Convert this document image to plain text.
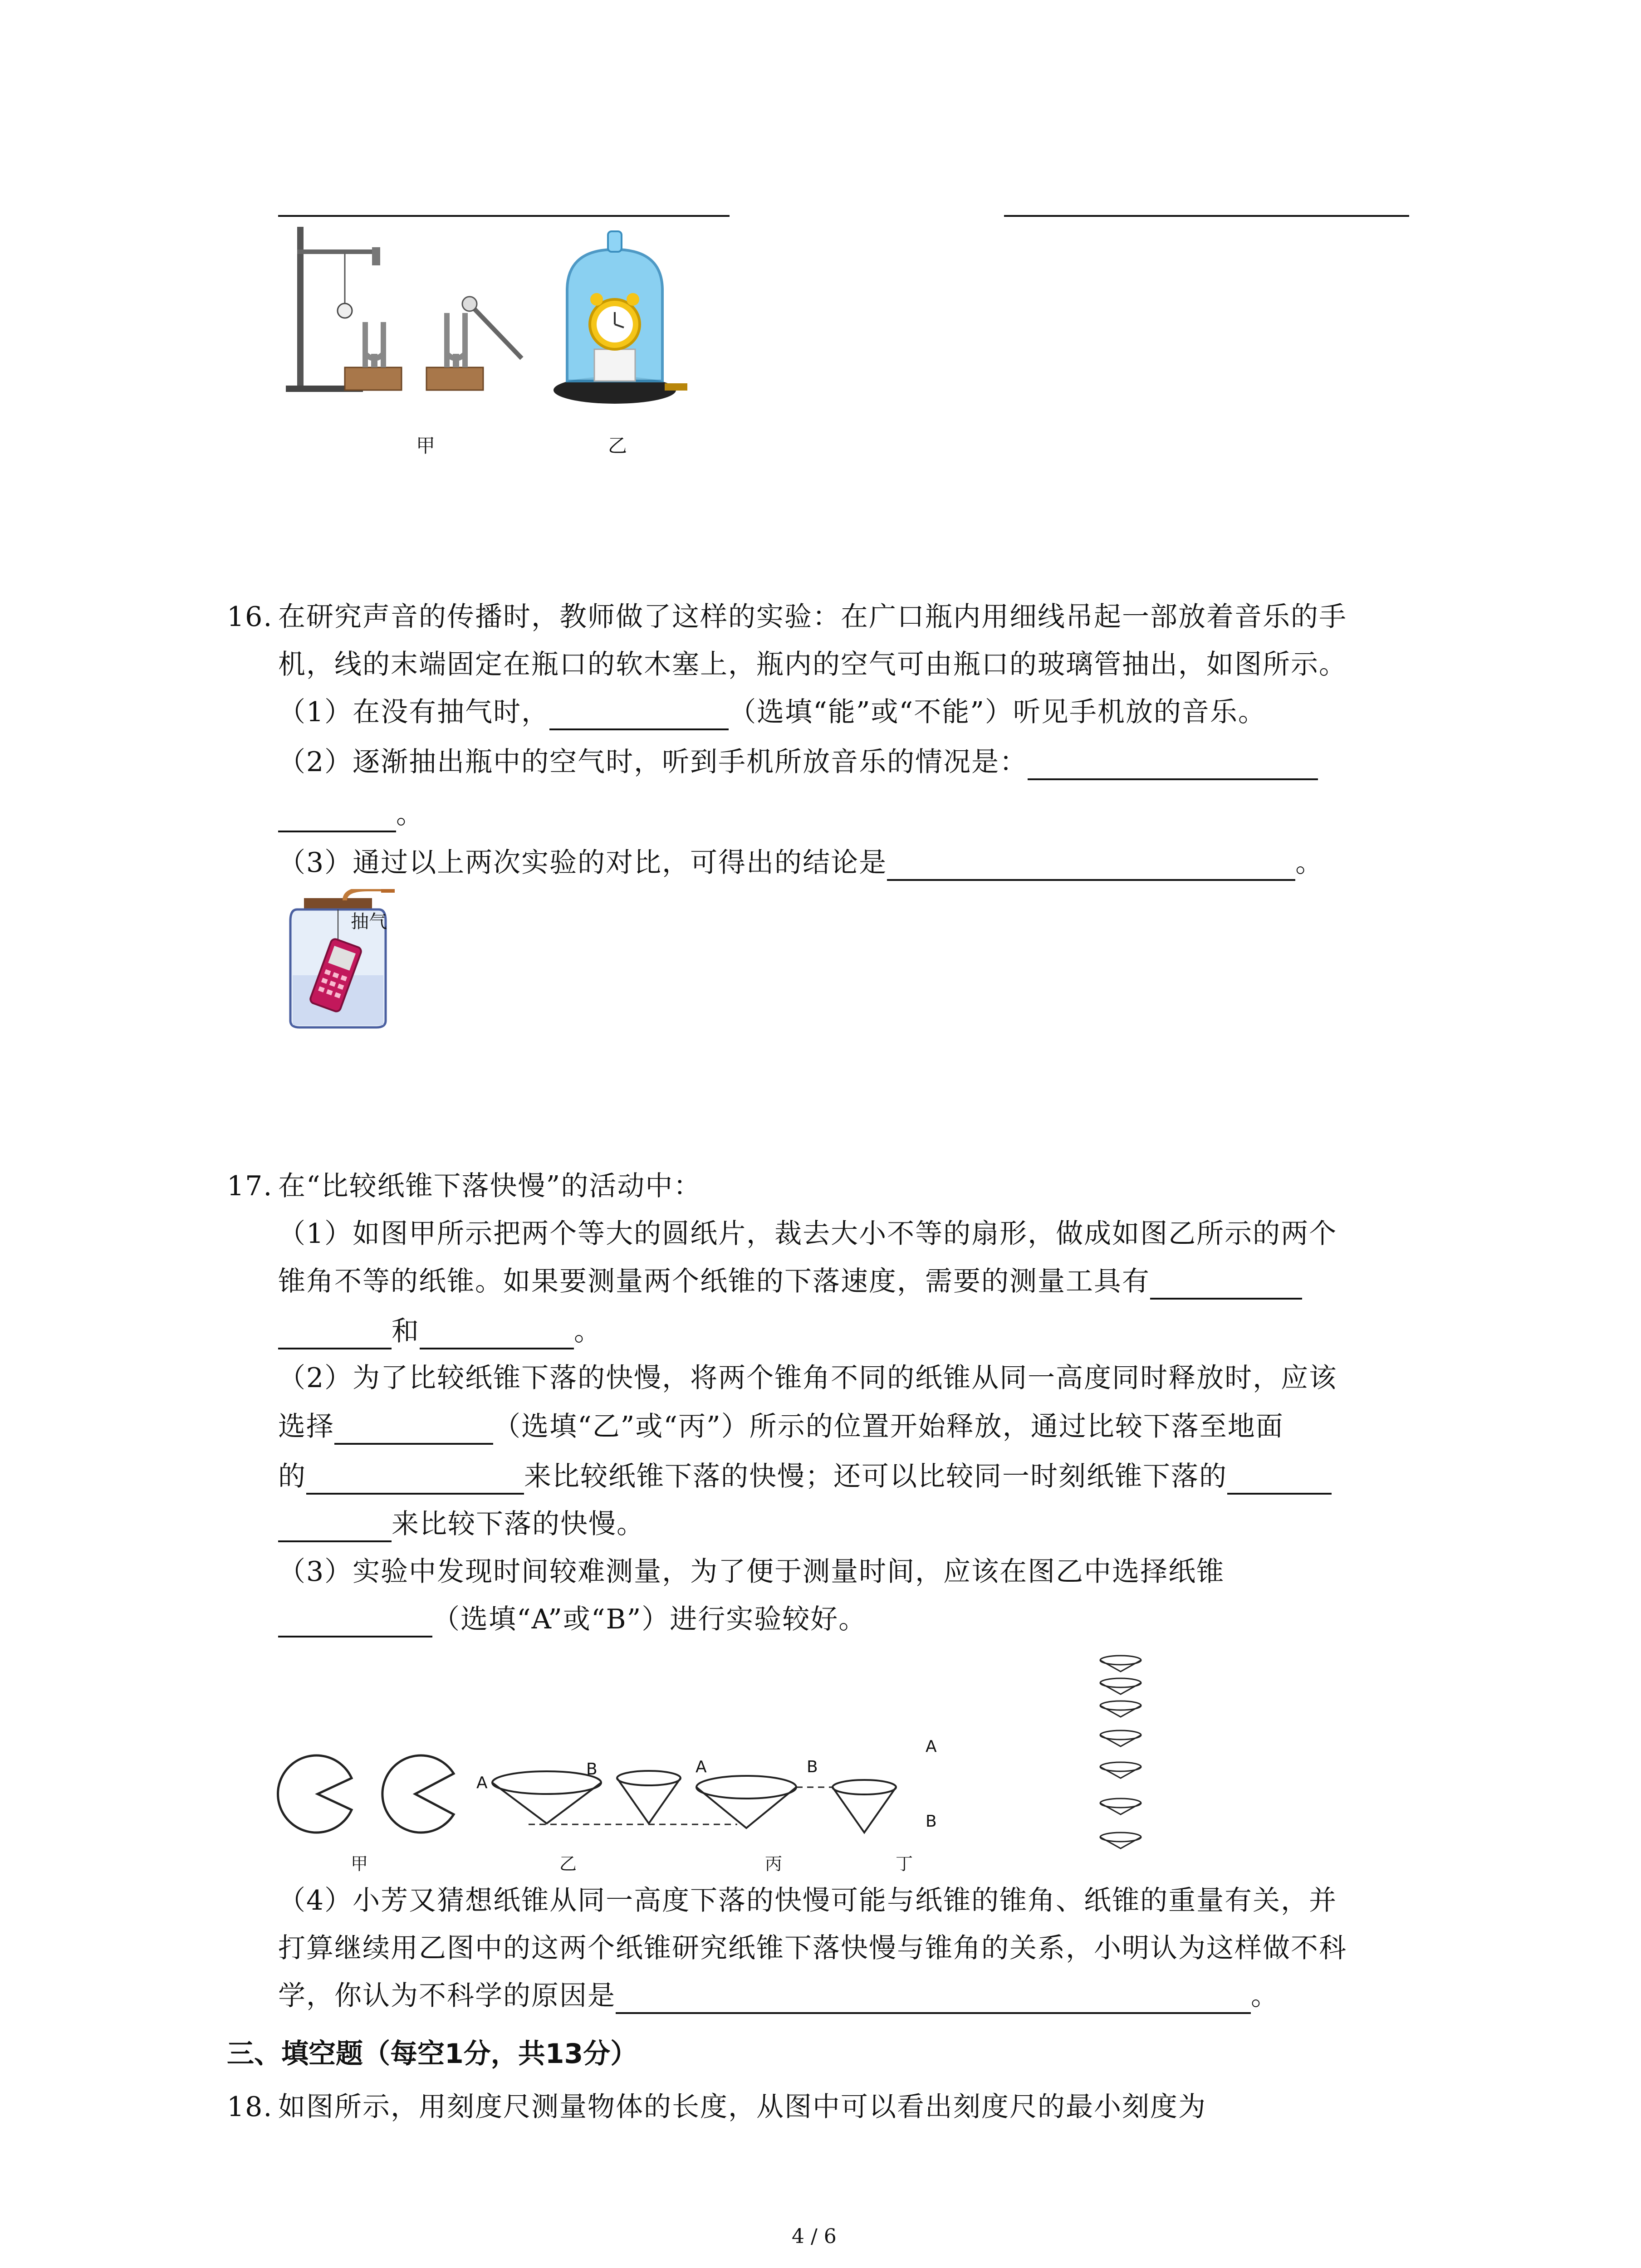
甲	乙
16. 在研究声音的传播时，教师做了这样的实验：在广口瓶内用细线吊起一部放着音乐的手
机，线的末端固定在瓶口的软木塞上，瓶内的空气可由瓶口的玻璃管抽出，如图所示。
（1）在没有抽气时，	（选填“能”或“不能”）听见手机放的音乐。
（2）逐渐抽出瓶中的空气时，听到手机所放音乐的情况是：
。
（3）通过以上两次实验的对比，可得出的结论是	。
抽气
17. 在“比较纸锥下落快慢”的活动中：
（1）如图甲所示把两个等大的圆纸片，裁去大小不等的扇形，做成如图乙所示的两个
锥角不等的纸锥。如果要测量两个纸锥的下落速度，需要的测量工具有
和	。
（2）为了比较纸锥下落的快慢，将两个锥角不同的纸锥从同一高度同时释放时，应该
选择	（选填“乙”或“丙”）所示的位置开始释放，通过比较下落至地面
的	来比较纸锥下落的快慢；还可以比较同一时刻纸锥下落的
来比较下落的快慢。
（3）实验中发现时间较难测量，为了便于测量时间，应该在图乙中选择纸锥
（选填“A”或“B”）进行实验较好。
A
B	A	B
A
B
甲	乙	丙	丁
（4）小芳又猜想纸锥从同一高度下落的快慢可能与纸锥的锥角、纸锥的重量有关，并
打算继续用乙图中的这两个纸锥研究纸锥下落快慢与锥角的关系，小明认为这样做不科
学，你认为不科学的原因是	。
三、填空题（每空1分，共13分）
18. 如图所示，用刻度尺测量物体的长度，从图中可以看出刻度尺的最小刻度为
4 / 6
